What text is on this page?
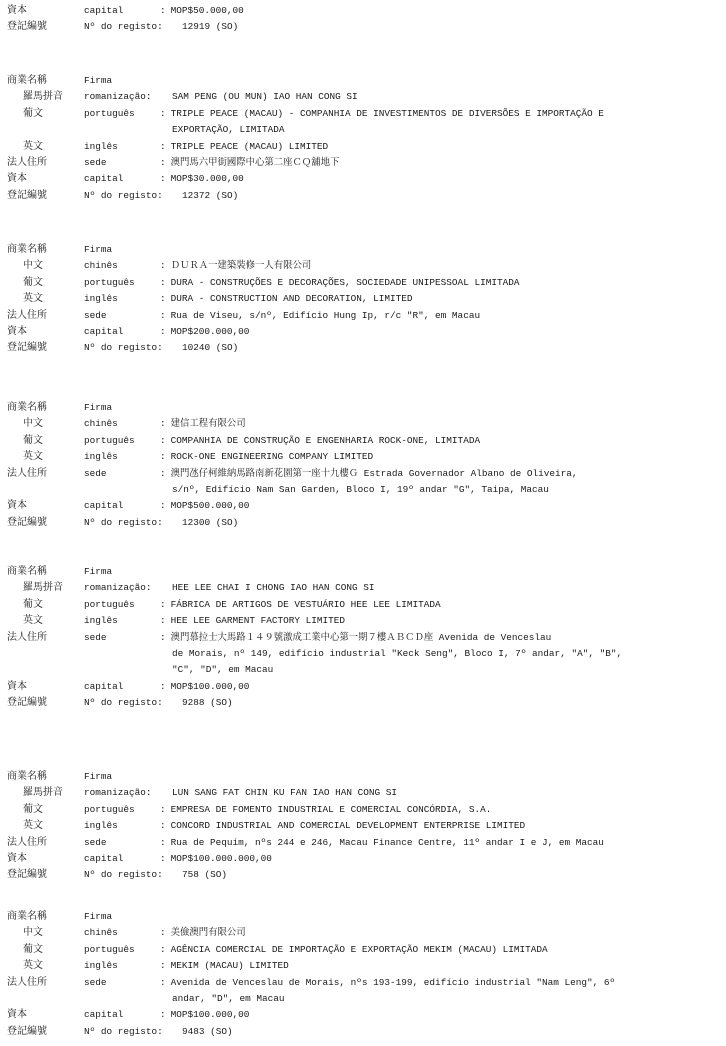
資本	capital	: MOP$50.000,00
登記編號	Nº do registo: 12919 (SO)
商業名稱	Firma
羅馬拼音 romanização: SAM PENG (OU MUN) IAO HAN CONG SI
葡文	português	: TRIPLE PEACE (MACAU) - COMPANHIA DE INVESTIMENTOS DE DIVERSÕES E IMPORTAÇÃO E
EXPORTAÇÃO, LIMITADA
英文	inglês	: TRIPLE PEACE (MACAU) LIMITED
法人住所	sede	: 澳門馬六甲街國際中心第二座ＣＱ舖地下
資本	capital	: MOP$30.000,00
登記編號	Nº do registo: 12372 (SO)
商業名稱	Firma
中文	chinês	: ＤＵＲＡ一建築裝修一人有限公司
葡文	português	: DURA - CONSTRUÇÕES E DECORAÇÕES, SOCIEDADE UNIPESSOAL LIMITADA
英文	inglês	: DURA - CONSTRUCTION AND DECORATION, LIMITED
法人住所	sede	: Rua de Viseu, s/nº, Edifício Hung Ip, r/c "R", em Macau
資本	capital	: MOP$200.000,00
登記編號	Nº do registo: 10240 (SO)
商業名稱	Firma
中文	chinês	: 建信工程有限公司
葡文	português	: COMPANHIA DE CONSTRUÇÃO E ENGENHARIA ROCK-ONE, LIMITADA
英文	inglês	: ROCK-ONE ENGINEERING COMPANY LIMITED
法人住所	sede	: 澳門氹仔柯維納馬路南新花園第一座十九樓Ｇ Estrada Governador Albano de Oliveira,
s/nº, Edifício Nam San Garden, Bloco I, 19º andar "G", Taipa, Macau
資本	capital	: MOP$500.000,00
登記編號	Nº do registo: 12300 (SO)
商業名稱	Firma
羅馬拼音 romanização: HEE LEE CHAI I CHONG IAO HAN CONG SI
葡文	português	: FÁBRICA DE ARTIGOS DE VESTUÁRIO HEE LEE LIMITADA
英文	inglês	: HEE LEE GARMENT FACTORY LIMITED
法人住所	sede	: 澳門慕拉士大馬路１４９號激成工業中心第一期７樓ＡＢＣＤ座 Avenida de Venceslau
de Morais, nº 149, edifício industrial "Keck Seng", Bloco I, 7º andar, "A", "B",
"C", "D", em Macau
資本	capital	: MOP$100.000,00
登記編號	Nº do registo: 9288 (SO)
商業名稱	Firma
羅馬拼音 romanização: LUN SANG FAT CHIN KU FAN IAO HAN CONG SI
葡文	português	: EMPRESA DE FOMENTO INDUSTRIAL E COMERCIAL CONCÓRDIA, S.A.
英文	inglês	: CONCORD INDUSTRIAL AND COMERCIAL DEVELOPMENT ENTERPRISE LIMITED
法人住所	sede	: Rua de Pequim, nºs 244 e 246, Macau Finance Centre, 11º andar I e J, em Macau
資本	capital	: MOP$100.000.000,00
登記編號	Nº do registo: 758 (SO)
商業名稱	Firma
中文	chinês	: 美儉澳門有限公司
葡文	português	: AGÊNCIA COMERCIAL DE IMPORTAÇÃO E EXPORTAÇÃO MEKIM (MACAU) LIMITADA
英文	inglês	: MEKIM (MACAU) LIMITED
法人住所	sede	: Avenida de Venceslau de Morais, nºs 193-199, edifício industrial "Nam Leng", 6º
andar, "D", em Macau
資本	capital	: MOP$100.000,00
登記編號	Nº do registo: 9483 (SO)
